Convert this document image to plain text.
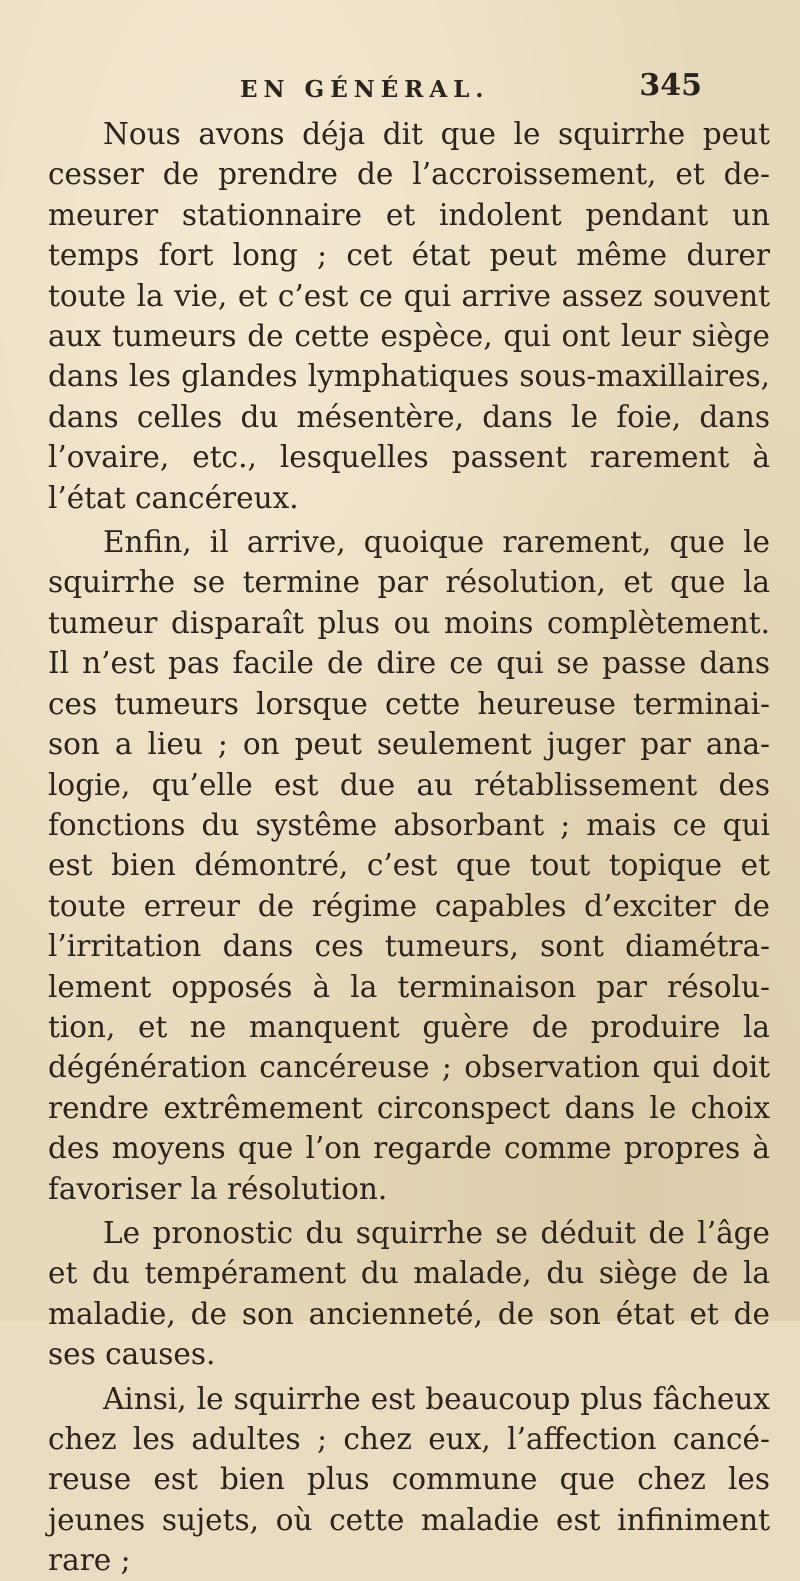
EN GÉNÉRAL.	345

Nous avons déja dit que le squirrhe peut cesser de prendre de l’accroissement, et de-meurer stationnaire et indolent pendant un temps fort long ; cet état peut même durer toute la vie, et c’est ce qui arrive assez souvent aux tumeurs de cette espèce, qui ont leur siège dans les glandes lymphatiques sous-maxillaires, dans celles du mésentère, dans le foie, dans l’ovaire, etc., lesquelles passent rarement à l’état cancéreux.

Enfin, il arrive, quoique rarement, que le squirrhe se termine par résolution, et que la tumeur disparaît plus ou moins complètement. Il n’est pas facile de dire ce qui se passe dans ces tumeurs lorsque cette heureuse terminai-son a lieu ; on peut seulement juger par ana-logie, qu’elle est due au rétablissement des fonctions du systême absorbant ; mais ce qui est bien démontré, c’est que tout topique et toute erreur de régime capables d’exciter de l’irritation dans ces tumeurs, sont diamétra-lement opposés à la terminaison par résolu-tion, et ne manquent guère de produire la dégénération cancéreuse ; observation qui doit rendre extrêmement circonspect dans le choix des moyens que l’on regarde comme propres à favoriser la résolution.

Le pronostic du squirrhe se déduit de l’âge et du tempérament du malade, du siège de la maladie, de son ancienneté, de son état et de ses causes.

Ainsi, le squirrhe est beaucoup plus fâcheux chez les adultes ; chez eux, l’affection cancé-reuse est bien plus commune que chez les jeunes sujets, où cette maladie est infiniment rare ;
